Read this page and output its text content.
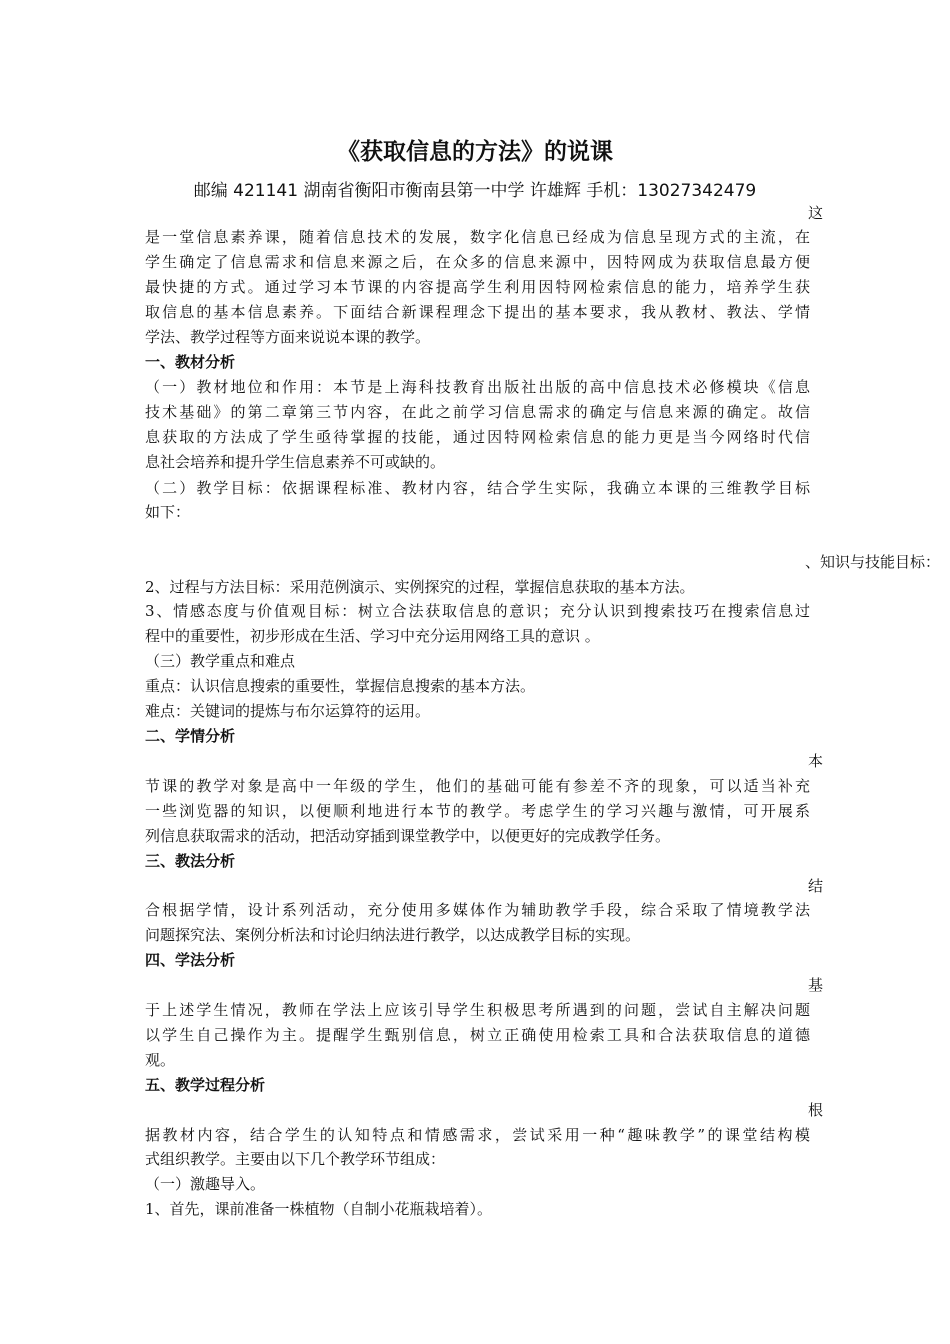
《获取信息的方法》的说课
邮编 421141 湖南省衡阳市衡南县第一中学 许雄辉 手机：13027342479
这
是一堂信息素养课，随着信息技术的发展，数字化信息已经成为信息呈现方式的主流，在
学生确定了信息需求和信息来源之后，在众多的信息来源中，因特网成为获取信息最方便
最快捷的方式。通过学习本节课的内容提高学生利用因特网检索信息的能力，培养学生获
取信息的基本信息素养。下面结合新课程理念下提出的基本要求，我从教材、教法、学情
学法、教学过程等方面来说说本课的教学。
一、教材分析
（一）教材地位和作用：本节是上海科技教育出版社出版的高中信息技术必修模块《信息
技术基础》的第二章第三节内容，在此之前学习信息需求的确定与信息来源的确定。故信
息获取的方法成了学生亟待掌握的技能，通过因特网检索信息的能力更是当今网络时代信
息社会培养和提升学生信息素养不可或缺的。
（二）教学目标：依据课程标准、教材内容，结合学生实际，我确立本课的三维教学目标
如下：
、知识与技能目标：
2、过程与方法目标：采用范例演示、实例探究的过程，掌握信息获取的基本方法。
3、情感态度与价值观目标：树立合法获取信息的意识；充分认识到搜索技巧在搜索信息过
程中的重要性，初步形成在生活、学习中充分运用网络工具的意识 。
（三）教学重点和难点
重点：认识信息搜索的重要性，掌握信息搜索的基本方法。
难点：关键词的提炼与布尔运算符的运用。
二、学情分析
本
节课的教学对象是高中一年级的学生，他们的基础可能有参差不齐的现象，可以适当补充
一些浏览器的知识，以便顺利地进行本节的教学。考虑学生的学习兴趣与激情，可开展系
列信息获取需求的活动，把活动穿插到课堂教学中，以便更好的完成教学任务。
三、教法分析
结
合根据学情，设计系列活动，充分使用多媒体作为辅助教学手段，综合采取了情境教学法
问题探究法、案例分析法和讨论归纳法进行教学，以达成教学目标的实现。
四、学法分析
基
于上述学生情况，教师在学法上应该引导学生积极思考所遇到的问题，尝试自主解决问题
以学生自己操作为主。提醒学生甄别信息，树立正确使用检索工具和合法获取信息的道德
观。
五、教学过程分析
根
据教材内容，结合学生的认知特点和情感需求，尝试采用一种“趣味教学”的课堂结构模
式组织教学。主要由以下几个教学环节组成：
（一）激趣导入。
1、首先，课前准备一株植物（自制小花瓶栽培着）。
